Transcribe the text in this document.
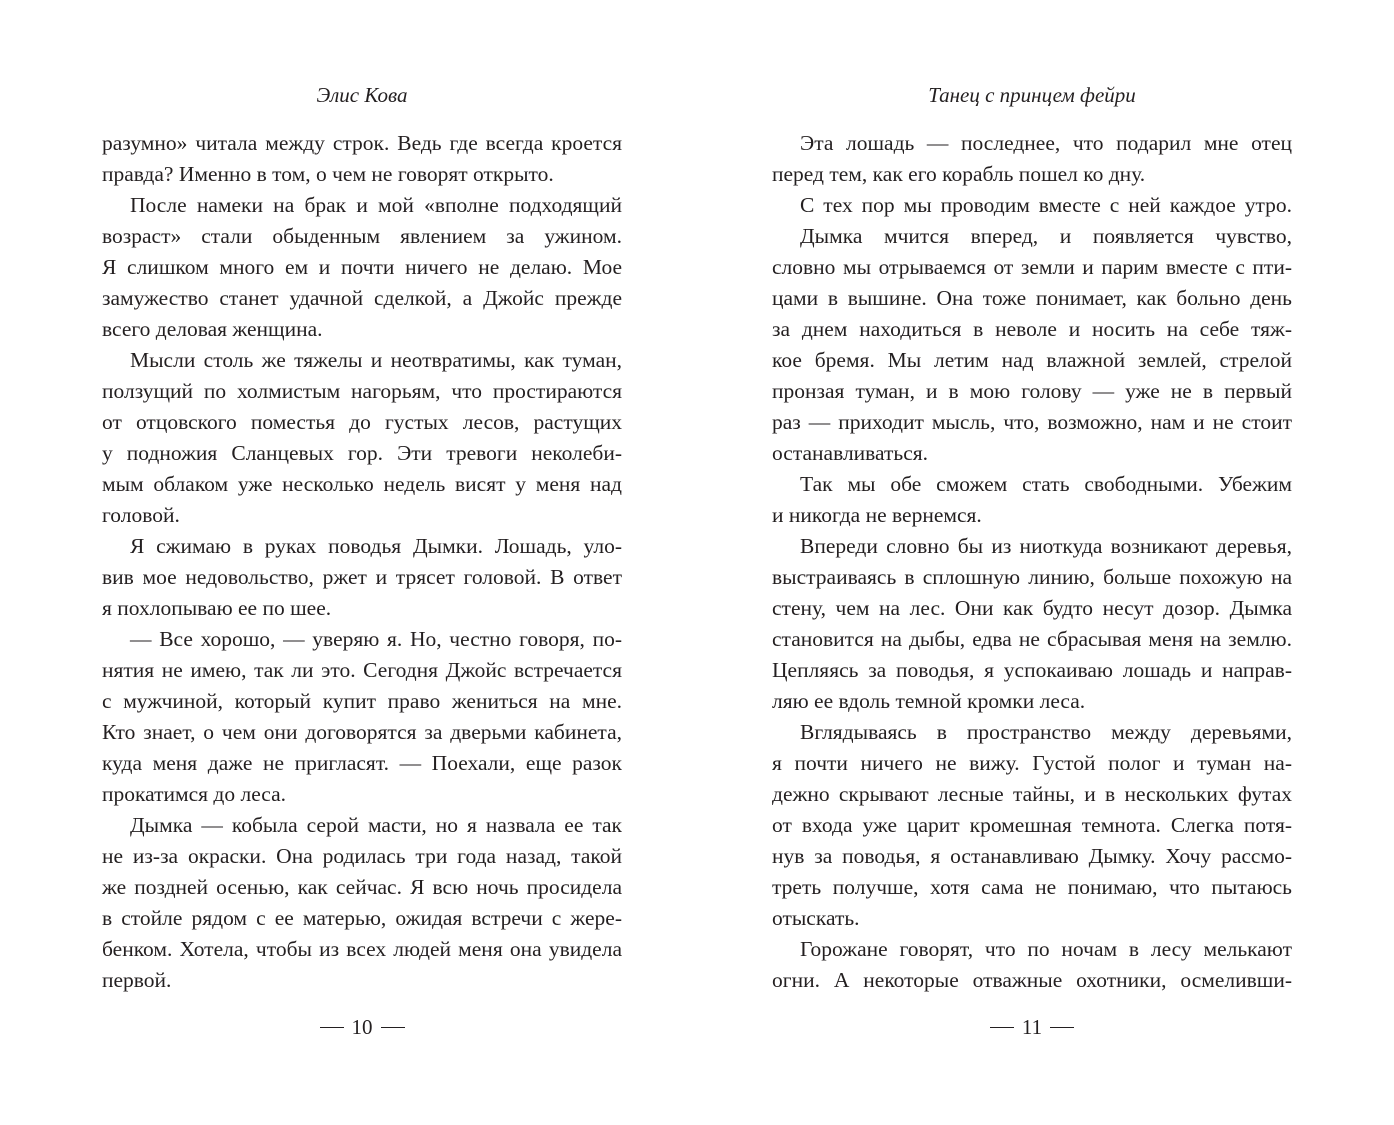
Элис Кова
разумно» читала между строк. Ведь где всегда кроется
правда? Именно в том, о чем не говорят открыто.
После намеки на брак и мой «вполне подходящий
возраст» стали обыденным явлением за ужином.
Я слишком много ем и почти ничего не делаю. Мое
замужество станет удачной сделкой, а Джойс прежде
всего деловая женщина.
Мысли столь же тяжелы и неотвратимы, как туман,
ползущий по холмистым нагорьям, что простираются
от отцовского поместья до густых лесов, растущих
у подножия Сланцевых гор. Эти тревоги неколеби-
мым облаком уже несколько недель висят у меня над
головой.
Я сжимаю в руках поводья Дымки. Лошадь, уло-
вив мое недовольство, ржет и трясет головой. В ответ
я похлопываю ее по шее.
— Все хорошо, — уверяю я. Но, честно говоря, по-
нятия не имею, так ли это. Сегодня Джойс встречается
с мужчиной, который купит право жениться на мне.
Кто знает, о чем они договорятся за дверьми кабинета,
куда меня даже не пригласят. — Поехали, еще разок
прокатимся до леса.
Дымка — кобыла серой масти, но я назвала ее так
не из-за окраски. Она родилась три года назад, такой
же поздней осенью, как сейчас. Я всю ночь просидела
в стойле рядом с ее матерью, ожидая встречи с жере-
бенком. Хотела, чтобы из всех людей меня она увидела
первой.
10
Танец с принцем фейри
Эта лошадь — последнее, что подарил мне отец
перед тем, как его корабль пошел ко дну.
С тех пор мы проводим вместе с ней каждое утро.
Дымка мчится вперед, и появляется чувство,
словно мы отрываемся от земли и парим вместе с пти-
цами в вышине. Она тоже понимает, как больно день
за днем находиться в неволе и носить на себе тяж-
кое бремя. Мы летим над влажной землей, стрелой
пронзая туман, и в мою голову — уже не в первый
раз — приходит мысль, что, возможно, нам и не стоит
останавливаться.
Так мы обе сможем стать свободными. Убежим
и никогда не вернемся.
Впереди словно бы из ниоткуда возникают деревья,
выстраиваясь в сплошную линию, больше похожую на
стену, чем на лес. Они как будто несут дозор. Дымка
становится на дыбы, едва не сбрасывая меня на землю.
Цепляясь за поводья, я успокаиваю лошадь и направ-
ляю ее вдоль темной кромки леса.
Вглядываясь в пространство между деревьями,
я почти ничего не вижу. Густой полог и туман на-
дежно скрывают лесные тайны, и в нескольких футах
от входа уже царит кромешная темнота. Слегка потя-
нув за поводья, я останавливаю Дымку. Хочу рассмо-
треть получше, хотя сама не понимаю, что пытаюсь
отыскать.
Горожане говорят, что по ночам в лесу мелькают
огни. А некоторые отважные охотники, осмеливши-
11
